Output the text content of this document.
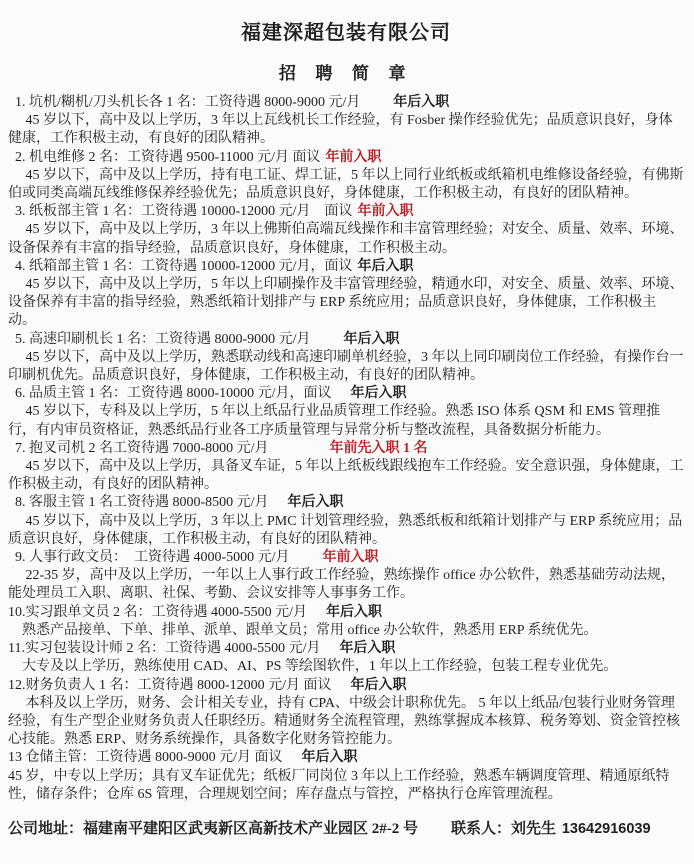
福建深超包装有限公司
招 聘 简 章

1. 坑机/糊机/刀头机长各 1 名：工资待遇 8000-9000 元/月　　年后入职

　 45 岁以下，高中及以上学历，3 年以上瓦线机长工作经验，有 Fosber 操作经验优先；品质意识良好，身体健康，工作积极主动，有良好的团队精神。

2. 机电维修 2 名：工资待遇 9500-11000 元/月 面议 年前入职

　 45 岁以下，高中及以上学历，持有电工证、焊工证，5 年以上同行业纸板或纸箱机电维修设备经验，有佛斯伯或同类高端瓦线维修保养经验优先；品质意识良好，身体健康，工作积极主动，有良好的团队精神。

3. 纸板部主管 1 名：工资待遇 10000-12000 元/月　面议 年前入职

　 45 岁以下，高中及以上学历，3 年以上佛斯伯高端瓦线操作和丰富管理经验；对安全、质量、效率、环境、设备保养有丰富的指导经验，品质意识良好，身体健康，工作积极主动。

4. 纸箱部主管 1 名：工资待遇 10000-12000 元/月，面议 年后入职

　 45 岁以下，高中及以上学历，5 年以上印刷操作及丰富管理经验，精通水印，对安全、质量、效率、环境、设备保养有丰富的指导经验，熟悉纸箱计划排产与 ERP 系统应用；品质意识良好，身体健康，工作积极主动。

5. 高速印刷机长 1 名：工资待遇 8000-9000 元/月　　年后入职

　 45 岁以下，高中及以上学历，熟悉联动线和高速印刷单机经验，3 年以上同印刷岗位工作经验，有操作台一印刷机优先。品质意识良好，身体健康，工作积极主动，有良好的团队精神。

6. 品质主管 1 名：工资待遇 8000-10000 元/月，面议　年后入职

　 45 岁以下，专科及以上学历，5 年以上纸品行业品质管理工作经验。熟悉 ISO 体系 QSM 和 EMS 管理推行，有内审员资格证，熟悉纸品行业各工序质量管理与异常分析与整改流程，具备数据分析能力。

7. 抱叉司机 2 名工资待遇 7000-8000 元/月　　　　年前先入职 1 名

　 45 岁以下，高中及以上学历，具备叉车证，5 年以上纸板线跟线抱车工作经验。安全意识强，身体健康，工作积极主动，有良好的团队精神。

8. 客服主管 1 名工资待遇 8000-8500 元/月　年后入职

　 45 岁以下，高中及以上学历，3 年以上 PMC 计划管理经验，熟悉纸板和纸箱计划排产与 ERP 系统应用；品质意识良好，身体健康，工作积极主动，有良好的团队精神。

9. 人事行政文员：　工资待遇 4000-5000 元/月　　年前入职

　 22-35 岁，高中及以上学历，一年以上人事行政工作经验，熟练操作 office 办公软件，熟悉基础劳动法规，能处理员工入职、离职、社保、考勤、会议安排等人事事务工作。

10.实习跟单文员 2 名：工资待遇 4000-5500 元/月　年后入职

　熟悉产品接单、下单、排单、派单、跟单文员；常用 office 办公软件，熟悉用 ERP 系统优先。

11.实习包装设计师 2 名：工资待遇 4000-5500 元/月　年后入职

　大专及以上学历，熟练使用 CAD、AI、PS 等绘图软件，1 年以上工作经验，包装工程专业优先。

12.财务负责人 1 名：工资待遇 8000-12000 元/月 面议　年后入职

　 本科及以上学历，财务、会计相关专业，持有 CPA、中级会计职称优先。 5 年以上纸品/包装行业财务管理经验，有生产型企业财务负责人任职经历。精通财务全流程管理，熟练掌握成本核算、税务筹划、资金管控核心技能。熟悉 ERP、财务系统操作，具备数字化财务管控能力。

13 仓储主管：工资待遇 8000-9000 元/月 面议　年后入职

45 岁，中专以上学历；具有叉车证优先；纸板厂同岗位 3 年以上工作经验，熟悉车辆调度管理、精通原纸特性，储存条件；仓库 6S 管理，合理规划空间；库存盘点与管控，严格执行仓库管理流程。

公司地址：福建南平建阳区武夷新区高新技术产业园区 2#-2 号 联系人：刘先生 13642916039
